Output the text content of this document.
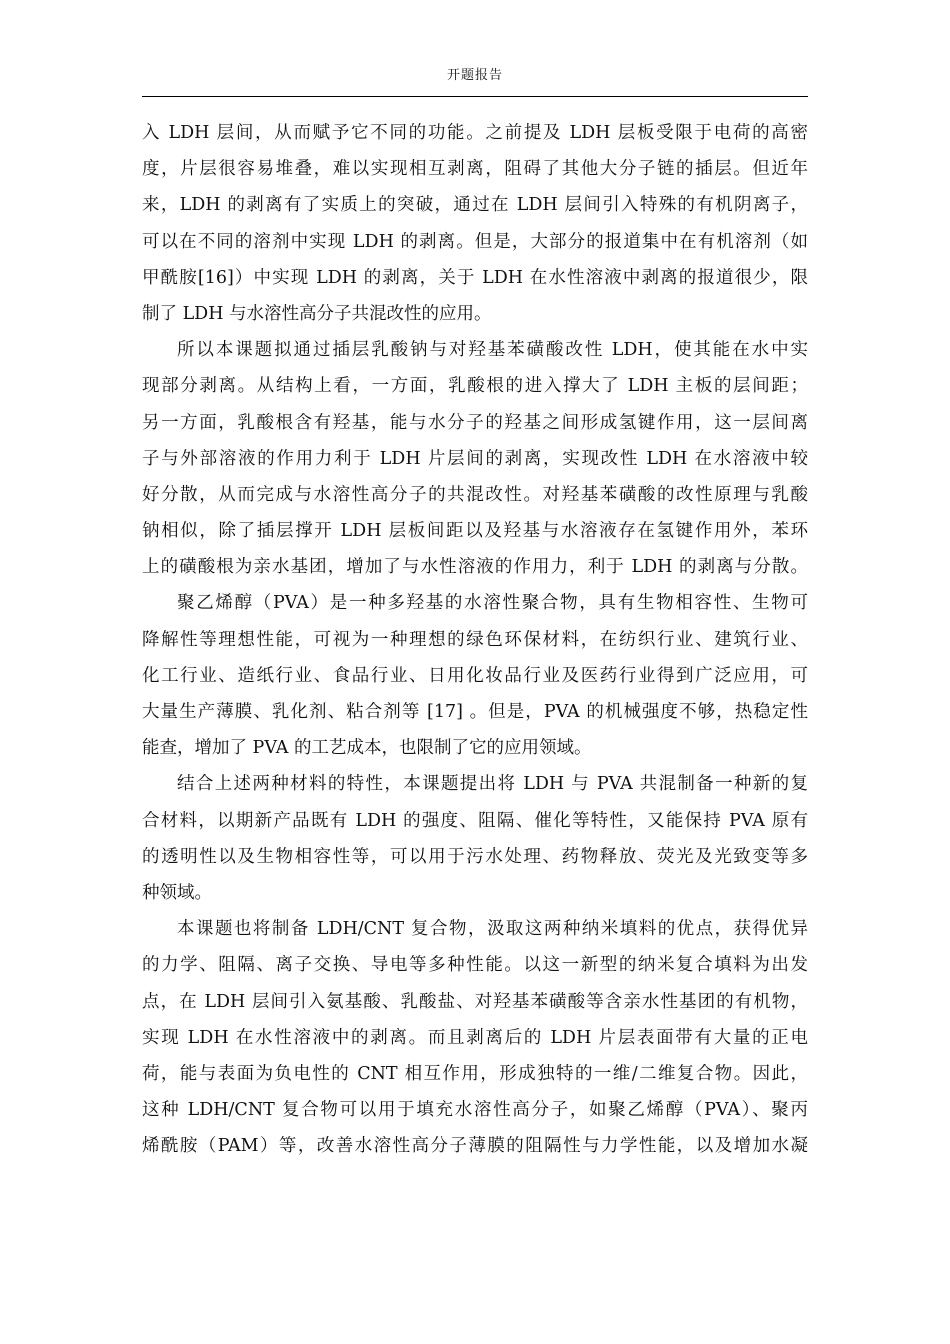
开题报告
入 LDH 层间，从而赋予它不同的功能。之前提及 LDH 层板受限于电荷的高密
度，片层很容易堆叠，难以实现相互剥离，阻碍了其他大分子链的插层。但近年
来，LDH 的剥离有了实质上的突破，通过在 LDH 层间引入特殊的有机阴离子，
可以在不同的溶剂中实现 LDH 的剥离。但是，大部分的报道集中在有机溶剂（如
甲酰胺[16]）中实现 LDH 的剥离，关于 LDH 在水性溶液中剥离的报道很少，限
制了 LDH 与水溶性高分子共混改性的应用。
所以本课题拟通过插层乳酸钠与对羟基苯磺酸改性 LDH，使其能在水中实
现部分剥离。从结构上看，一方面，乳酸根的进入撑大了 LDH 主板的层间距；
另一方面，乳酸根含有羟基，能与水分子的羟基之间形成氢键作用，这一层间离
子与外部溶液的作用力利于 LDH 片层间的剥离，实现改性 LDH 在水溶液中较
好分散，从而完成与水溶性高分子的共混改性。对羟基苯磺酸的改性原理与乳酸
钠相似，除了插层撑开 LDH 层板间距以及羟基与水溶液存在氢键作用外，苯环
上的磺酸根为亲水基团，增加了与水性溶液的作用力，利于 LDH 的剥离与分散。
聚乙烯醇（PVA）是一种多羟基的水溶性聚合物，具有生物相容性、生物可
降解性等理想性能，可视为一种理想的绿色环保材料，在纺织行业、建筑行业、
化工行业、造纸行业、食品行业、日用化妆品行业及医药行业得到广泛应用，可
大量生产薄膜、乳化剂、粘合剂等 [17] 。但是，PVA 的机械强度不够，热稳定性
能查，增加了 PVA 的工艺成本，也限制了它的应用领域。
结合上述两种材料的特性，本课题提出将 LDH 与 PVA 共混制备一种新的复
合材料，以期新产品既有 LDH 的强度、阻隔、催化等特性，又能保持 PVA 原有
的透明性以及生物相容性等，可以用于污水处理、药物释放、荧光及光致变等多
种领域。
本课题也将制备 LDH/CNT 复合物，汲取这两种纳米填料的优点，获得优异
的力学、阻隔、离子交换、导电等多种性能。以这一新型的纳米复合填料为出发
点，在 LDH 层间引入氨基酸、乳酸盐、对羟基苯磺酸等含亲水性基团的有机物，
实现 LDH 在水性溶液中的剥离。而且剥离后的 LDH 片层表面带有大量的正电
荷，能与表面为负电性的 CNT 相互作用，形成独特的一维/二维复合物。因此，
这种 LDH/CNT 复合物可以用于填充水溶性高分子，如聚乙烯醇（PVA）、聚丙
烯酰胺（PAM）等，改善水溶性高分子薄膜的阻隔性与力学性能，以及增加水凝
